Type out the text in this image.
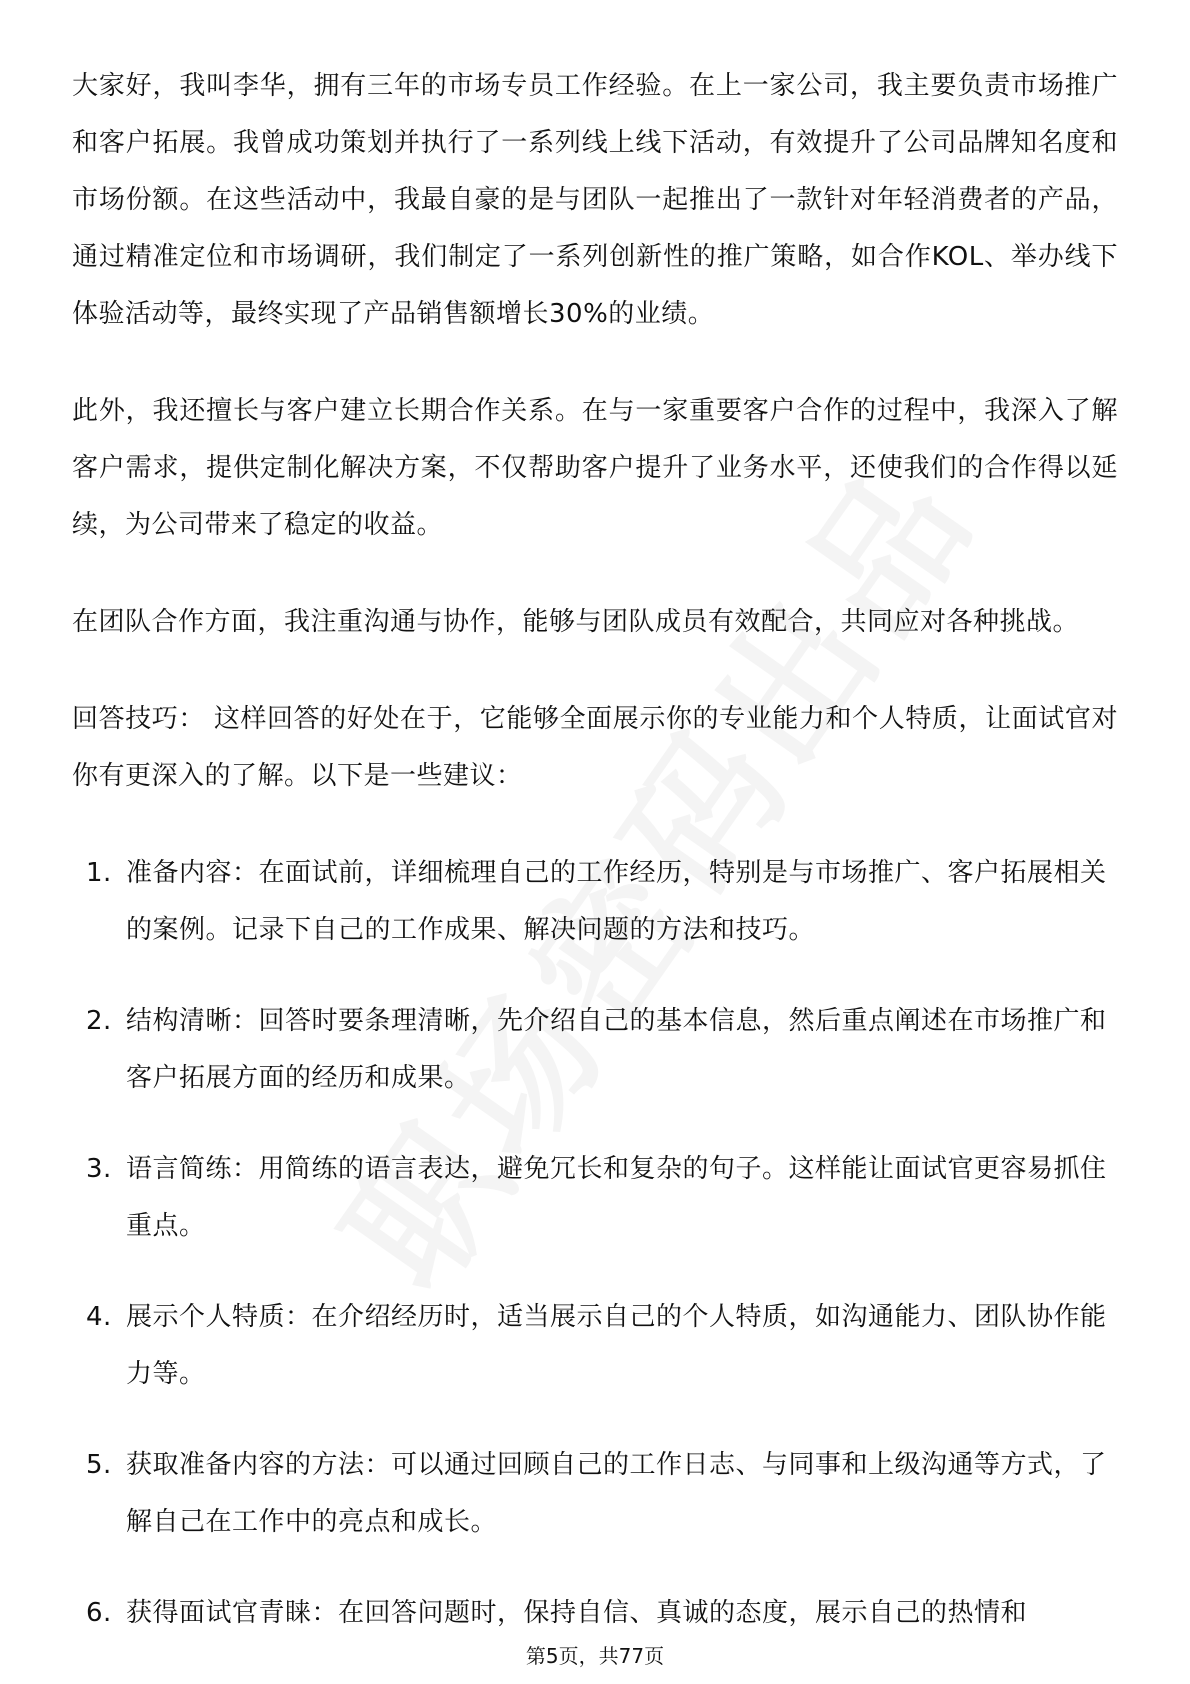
大家好，我叫李华，拥有三年的市场专员工作经验。在上一家公司，我主要负责市场推广和客户拓展。我曾成功策划并执行了一系列线上线下活动，有效提升了公司品牌知名度和市场份额。在这些活动中，我最自豪的是与团队一起推出了一款针对年轻消费者的产品，通过精准定位和市场调研，我们制定了一系列创新性的推广策略，如合作KOL、举办线下体验活动等，最终实现了产品销售额增长30%的业绩。

此外，我还擅长与客户建立长期合作关系。在与一家重要客户合作的过程中，我深入了解客户需求，提供定制化解决方案，不仅帮助客户提升了业务水平，还使我们的合作得以延续，为公司带来了稳定的收益。

在团队合作方面，我注重沟通与协作，能够与团队成员有效配合，共同应对各种挑战。

回答技巧： 这样回答的好处在于，它能够全面展示你的专业能力和个人特质，让面试官对你有更深入的了解。以下是一些建议：

1. 准备内容：在面试前，详细梳理自己的工作经历，特别是与市场推广、客户拓展相关的案例。记录下自己的工作成果、解决问题的方法和技巧。
2. 结构清晰：回答时要条理清晰，先介绍自己的基本信息，然后重点阐述在市场推广和客户拓展方面的经历和成果。
3. 语言简练：用简练的语言表达，避免冗长和复杂的句子。这样能让面试官更容易抓住重点。
4. 展示个人特质：在介绍经历时，适当展示自己的个人特质，如沟通能力、团队协作能力等。
5. 获取准备内容的方法：可以通过回顾自己的工作日志、与同事和上级沟通等方式，了解自己在工作中的亮点和成长。
6. 获得面试官青睐：在回答问题时，保持自信、真诚的态度，展示自己的热情和
第5页，共77页
